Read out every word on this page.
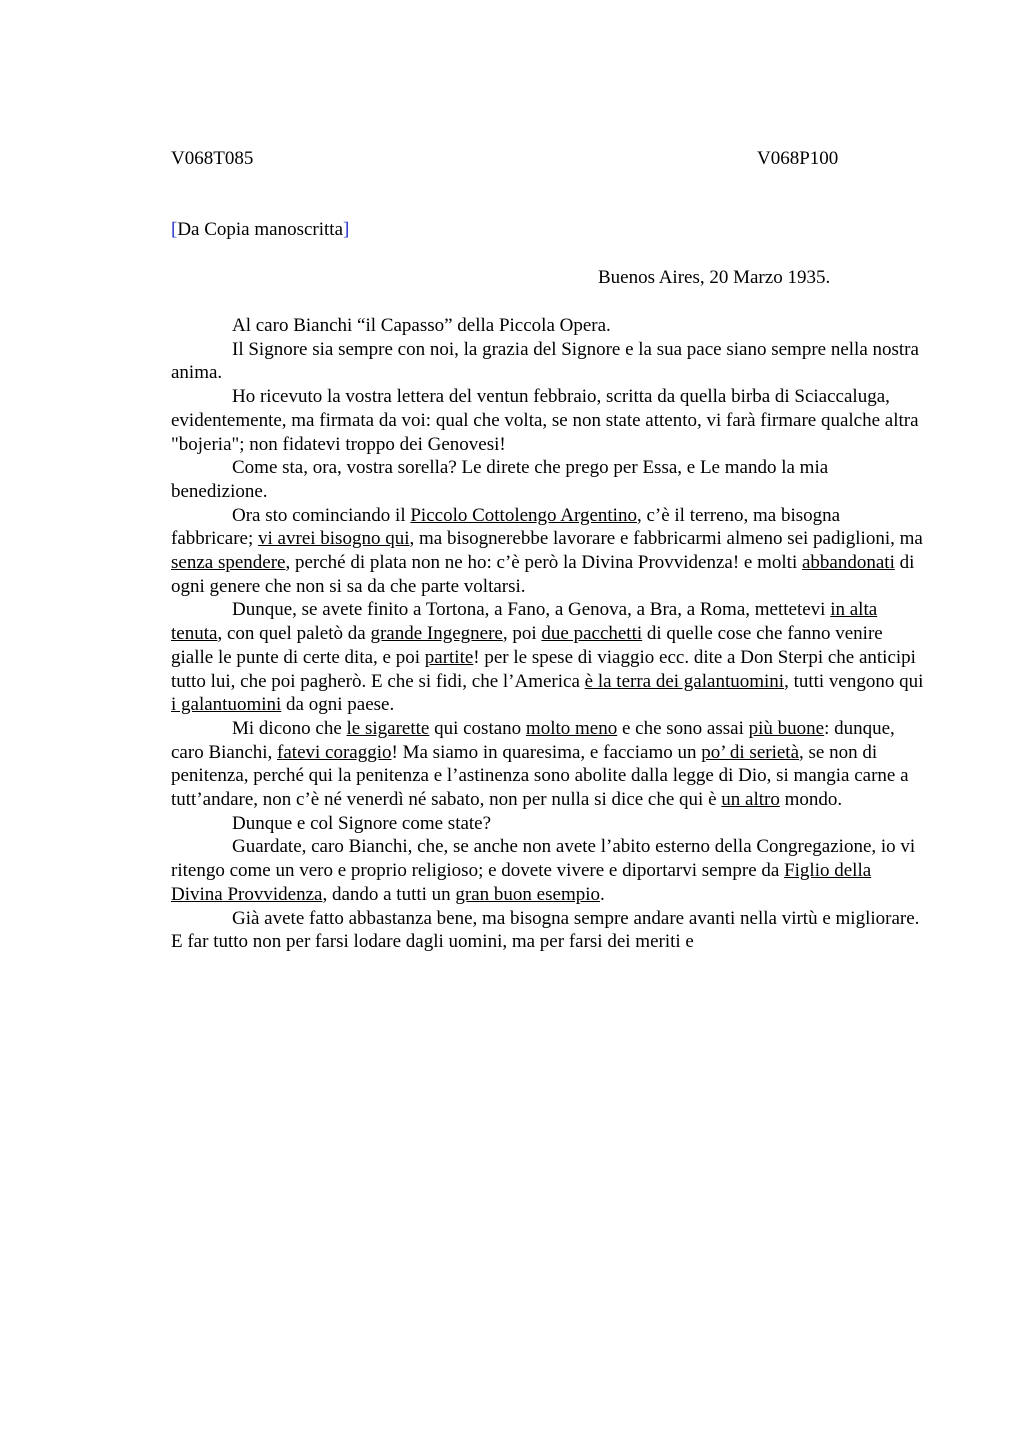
V068T085	V068P100
[Da Copia manoscritta]
Buenos Aires, 20 Marzo 1935.

Al caro Bianchi “il Capasso” della Piccola Opera.

Il Signore sia sempre con noi, la grazia del Signore e la sua pace siano sempre nella nostra anima.

Ho ricevuto la vostra lettera del ventun febbraio, scritta da quella birba di Sciaccaluga, evidentemente, ma firmata da voi: qual che volta, se non state attento, vi farà firmare qualche altra "bojeria"; non fidatevi troppo dei Genovesi!

Come sta, ora, vostra sorella? Le direte che prego per Essa, e Le mando la mia benedizione.

Ora sto cominciando il Piccolo Cottolengo Argentino, c’è il terreno, ma bisogna fabbricare; vi avrei bisogno qui, ma bisognerebbe lavorare e fabbricarmi almeno sei padiglioni, ma senza spendere, perché di plata non ne ho: c’è però la Divina Provvidenza! e molti abbandonati di ogni genere che non si sa da che parte voltarsi.

Dunque, se avete finito a Tortona, a Fano, a Genova, a Bra, a Roma, mettetevi in alta tenuta, con quel paletò da grande Ingegnere, poi due pacchetti di quelle cose che fanno venire gialle le punte di certe dita, e poi partite! per le spese di viaggio ecc. dite a Don Sterpi che anticipi tutto lui, che poi pagherò. E che si fidi, che l’America è la terra dei galantuomini, tutti vengono qui i galantuomini da ogni paese.

Mi dicono che le sigarette qui costano molto meno e che sono assai più buone: dunque, caro Bianchi, fatevi coraggio! Ma siamo in quaresima, e facciamo un po’ di serietà, se non di penitenza, perché qui la penitenza e l’astinenza sono abolite dalla legge di Dio, si mangia carne a tutt’andare, non c’è né venerdì né sabato, non per nulla si dice che qui è un altro mondo.

Dunque e col Signore come state?

Guardate, caro Bianchi, che, se anche non avete l’abito esterno della Congregazione, io vi ritengo come un vero e proprio religioso; e dovete vivere e diportarvi sempre da Figlio della Divina Provvidenza, dando a tutti un gran buon esempio.

Già avete fatto abbastanza bene, ma bisogna sempre andare avanti nella virtù e migliorare.  E far tutto non per farsi lodare dagli uomini, ma per farsi dei meriti e
